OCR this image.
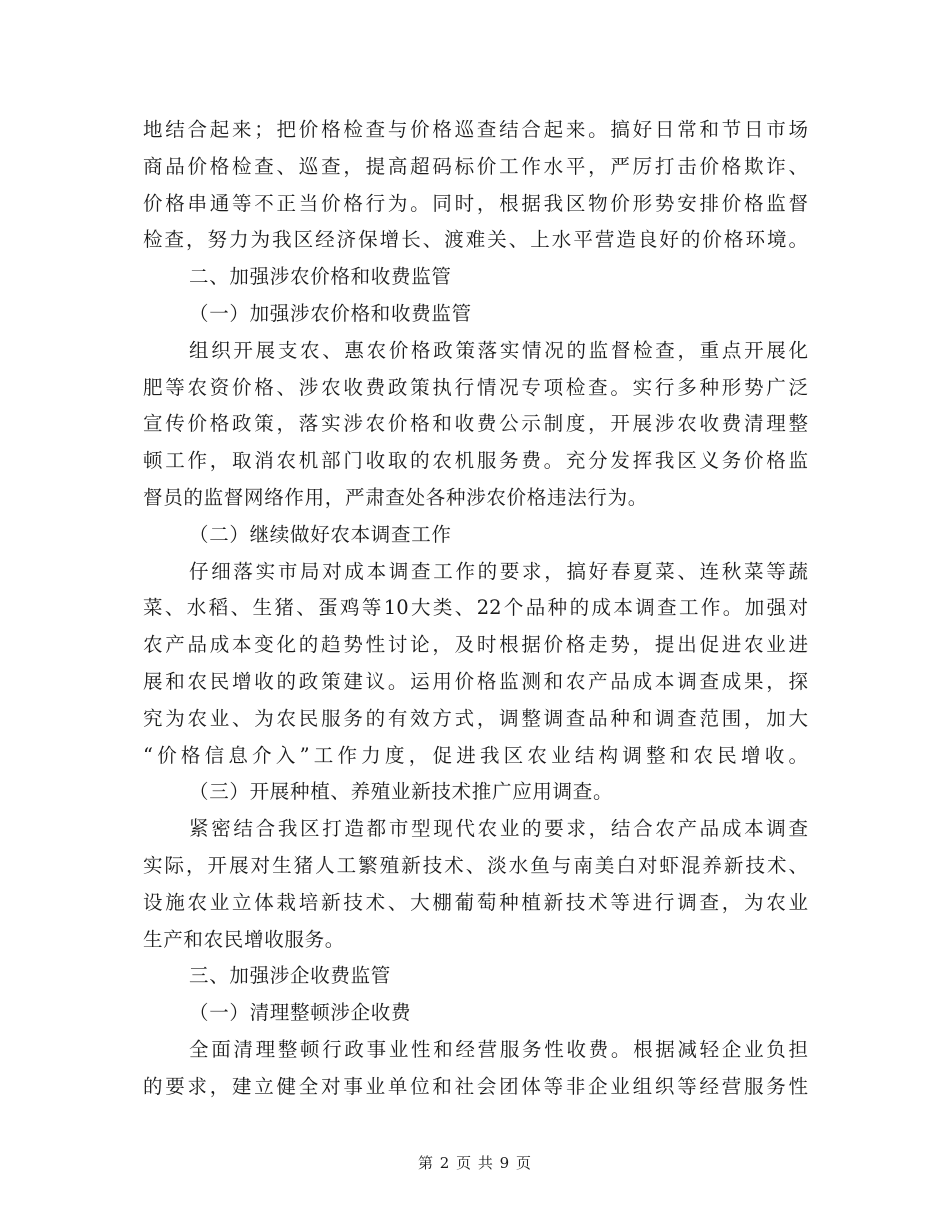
地结合起来；把价格检查与价格巡查结合起来。搞好日常和节日市场
商品价格检查、巡查，提高超码标价工作水平，严厉打击价格欺诈、
价格串通等不正当价格行为。同时，根据我区物价形势安排价格监督
检查，努力为我区经济保增长、渡难关、上水平营造良好的价格环境。
二、加强涉农价格和收费监管
（一）加强涉农价格和收费监管
组织开展支农、惠农价格政策落实情况的监督检查，重点开展化
肥等农资价格、涉农收费政策执行情况专项检查。实行多种形势广泛
宣传价格政策，落实涉农价格和收费公示制度，开展涉农收费清理整
顿工作，取消农机部门收取的农机服务费。充分发挥我区义务价格监
督员的监督网络作用，严肃查处各种涉农价格违法行为。
（二）继续做好农本调查工作
仔细落实市局对成本调查工作的要求，搞好春夏菜、连秋菜等蔬
菜、水稻、生猪、蛋鸡等10大类、22个品种的成本调查工作。加强对
农产品成本变化的趋势性讨论，及时根据价格走势，提出促进农业进
展和农民增收的政策建议。运用价格监测和农产品成本调查成果，探
究为农业、为农民服务的有效方式，调整调查品种和调查范围，加大
“价格信息介入”工作力度，促进我区农业结构调整和农民增收。
（三）开展种植、养殖业新技术推广应用调查。
紧密结合我区打造都市型现代农业的要求，结合农产品成本调查
实际，开展对生猪人工繁殖新技术、淡水鱼与南美白对虾混养新技术、
设施农业立体栽培新技术、大棚葡萄种植新技术等进行调查，为农业
生产和农民增收服务。
三、加强涉企收费监管
（一）清理整顿涉企收费
全面清理整顿行政事业性和经营服务性收费。根据减轻企业负担
的要求，建立健全对事业单位和社会团体等非企业组织等经营服务性
第 2 页 共 9 页
